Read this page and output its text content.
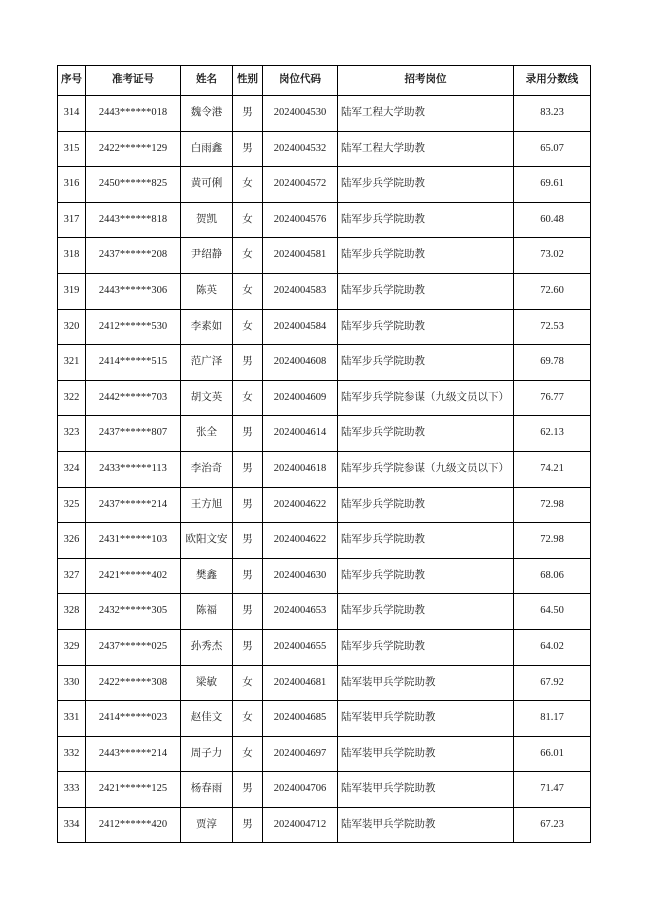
序号	准考证号	姓名	性别	岗位代码	招考岗位	录用分数线
314	2443******018	魏令港	男	2024004530	陆军工程大学助教	83.23
315	2422******129	白雨鑫	男	2024004532	陆军工程大学助教	65.07
316	2450******825	黄可俐	女	2024004572	陆军步兵学院助教	69.61
317	2443******818	贺凯	女	2024004576	陆军步兵学院助教	60.48
318	2437******208	尹绍静	女	2024004581	陆军步兵学院助教	73.02
319	2443******306	陈英	女	2024004583	陆军步兵学院助教	72.60
320	2412******530	李素如	女	2024004584	陆军步兵学院助教	72.53
321	2414******515	范广泽	男	2024004608	陆军步兵学院助教	69.78
322	2442******703	胡文英	女	2024004609	陆军步兵学院参谋（九级文员以下）	76.77
323	2437******807	张全	男	2024004614	陆军步兵学院助教	62.13
324	2433******113	李治奇	男	2024004618	陆军步兵学院参谋（九级文员以下）	74.21
325	2437******214	王方旭	男	2024004622	陆军步兵学院助教	72.98
326	2431******103	欧阳文安	男	2024004622	陆军步兵学院助教	72.98
327	2421******402	樊鑫	男	2024004630	陆军步兵学院助教	68.06
328	2432******305	陈福	男	2024004653	陆军步兵学院助教	64.50
329	2437******025	孙秀杰	男	2024004655	陆军步兵学院助教	64.02
330	2422******308	梁敏	女	2024004681	陆军装甲兵学院助教	67.92
331	2414******023	赵佳文	女	2024004685	陆军装甲兵学院助教	81.17
332	2443******214	周子力	女	2024004697	陆军装甲兵学院助教	66.01
333	2421******125	杨春雨	男	2024004706	陆军装甲兵学院助教	71.47
334	2412******420	贾淳	男	2024004712	陆军装甲兵学院助教	67.23
